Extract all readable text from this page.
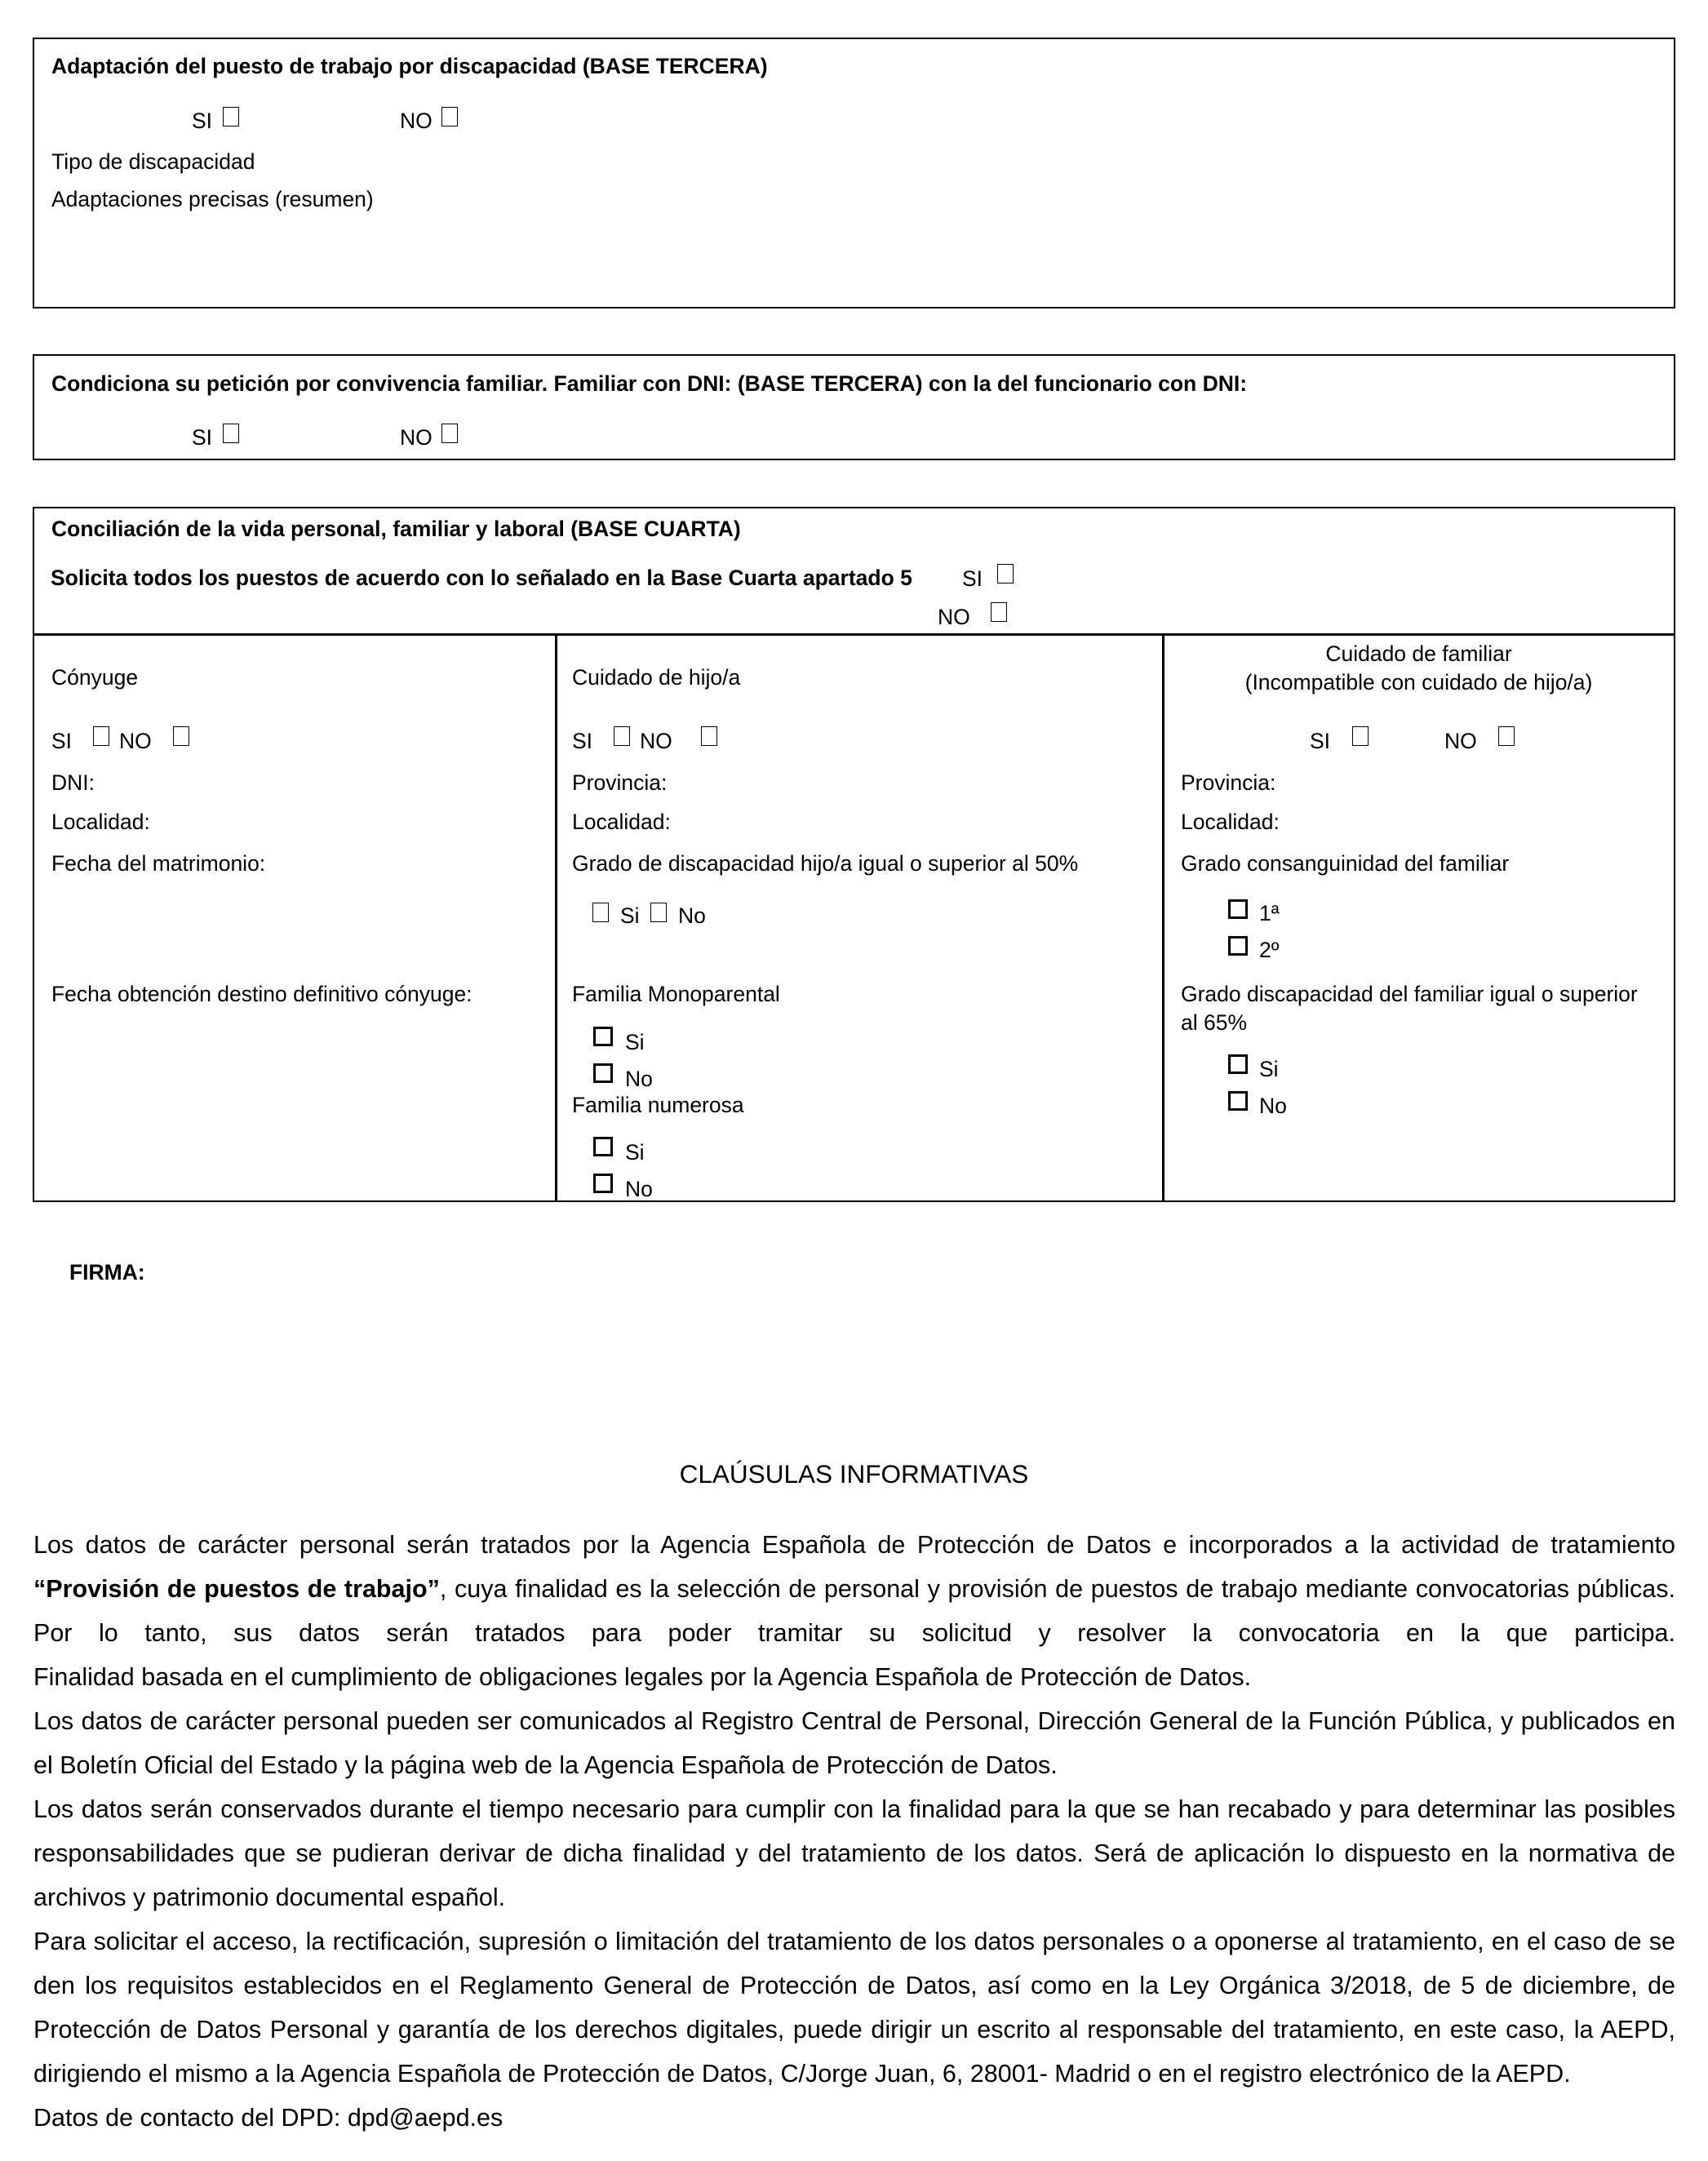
Adaptación del puesto de trabajo por discapacidad (BASE TERCERA)
SI	NO
Tipo de discapacidad
Adaptaciones precisas (resumen)
Condiciona su petición por convivencia familiar. Familiar con DNI: (BASE TERCERA) con la del funcionario con DNI:
SI	NO
Conciliación de la vida personal, familiar y laboral (BASE CUARTA)
Solicita todos los puestos de acuerdo con lo señalado en la Base Cuarta apartado 5 SI
NO
Cónyuge
SI NO
DNI:
Localidad:
Fecha del matrimonio:
Fecha obtención destino definitivo cónyuge:
Cuidado de hijo/a
SI NO
Provincia:
Localidad:
Grado de discapacidad hijo/a igual o superior al 50%
Si No
Familia Monoparental
Si
No
Familia numerosa
Si
No
Cuidado de familiar
(Incompatible con cuidado de hijo/a)
SI	NO
Provincia:
Localidad:
Grado consanguinidad del familiar
1ª
2º
Grado discapacidad del familiar igual o superior
al 65%
Si
No
FIRMA:
CLAÚSULAS INFORMATIVAS

Los datos de carácter personal serán tratados por la Agencia Española de Protección de Datos e incorporados a la actividad de tratamiento “Provisión de puestos de trabajo”, cuya finalidad es la selección de personal y provisión de puestos de trabajo mediante convocatorias públicas. Por lo tanto, sus datos serán tratados para poder tramitar su solicitud y resolver la convocatoria en la que participa.

Finalidad basada en el cumplimiento de obligaciones legales por la Agencia Española de Protección de Datos.

Los datos de carácter personal pueden ser comunicados al Registro Central de Personal, Dirección General de la Función Pública, y publicados en el Boletín Oficial del Estado y la página web de la Agencia Española de Protección de Datos.

Los datos serán conservados durante el tiempo necesario para cumplir con la finalidad para la que se han recabado y para determinar las posibles responsabilidades que se pudieran derivar de dicha finalidad y del tratamiento de los datos. Será de aplicación lo dispuesto en la normativa de archivos y patrimonio documental español.

Para solicitar el acceso, la rectificación, supresión o limitación del tratamiento de los datos personales o a oponerse al tratamiento, en el caso de se den los requisitos establecidos en el Reglamento General de Protección de Datos, así como en la Ley Orgánica 3/2018, de 5 de diciembre, de Protección de Datos Personal y garantía de los derechos digitales, puede dirigir un escrito al responsable del tratamiento, en este caso, la AEPD, dirigiendo el mismo a la Agencia Española de Protección de Datos, C/Jorge Juan, 6, 28001- Madrid o en el registro electrónico de la AEPD.

Datos de contacto del DPD: dpd@aepd.es
